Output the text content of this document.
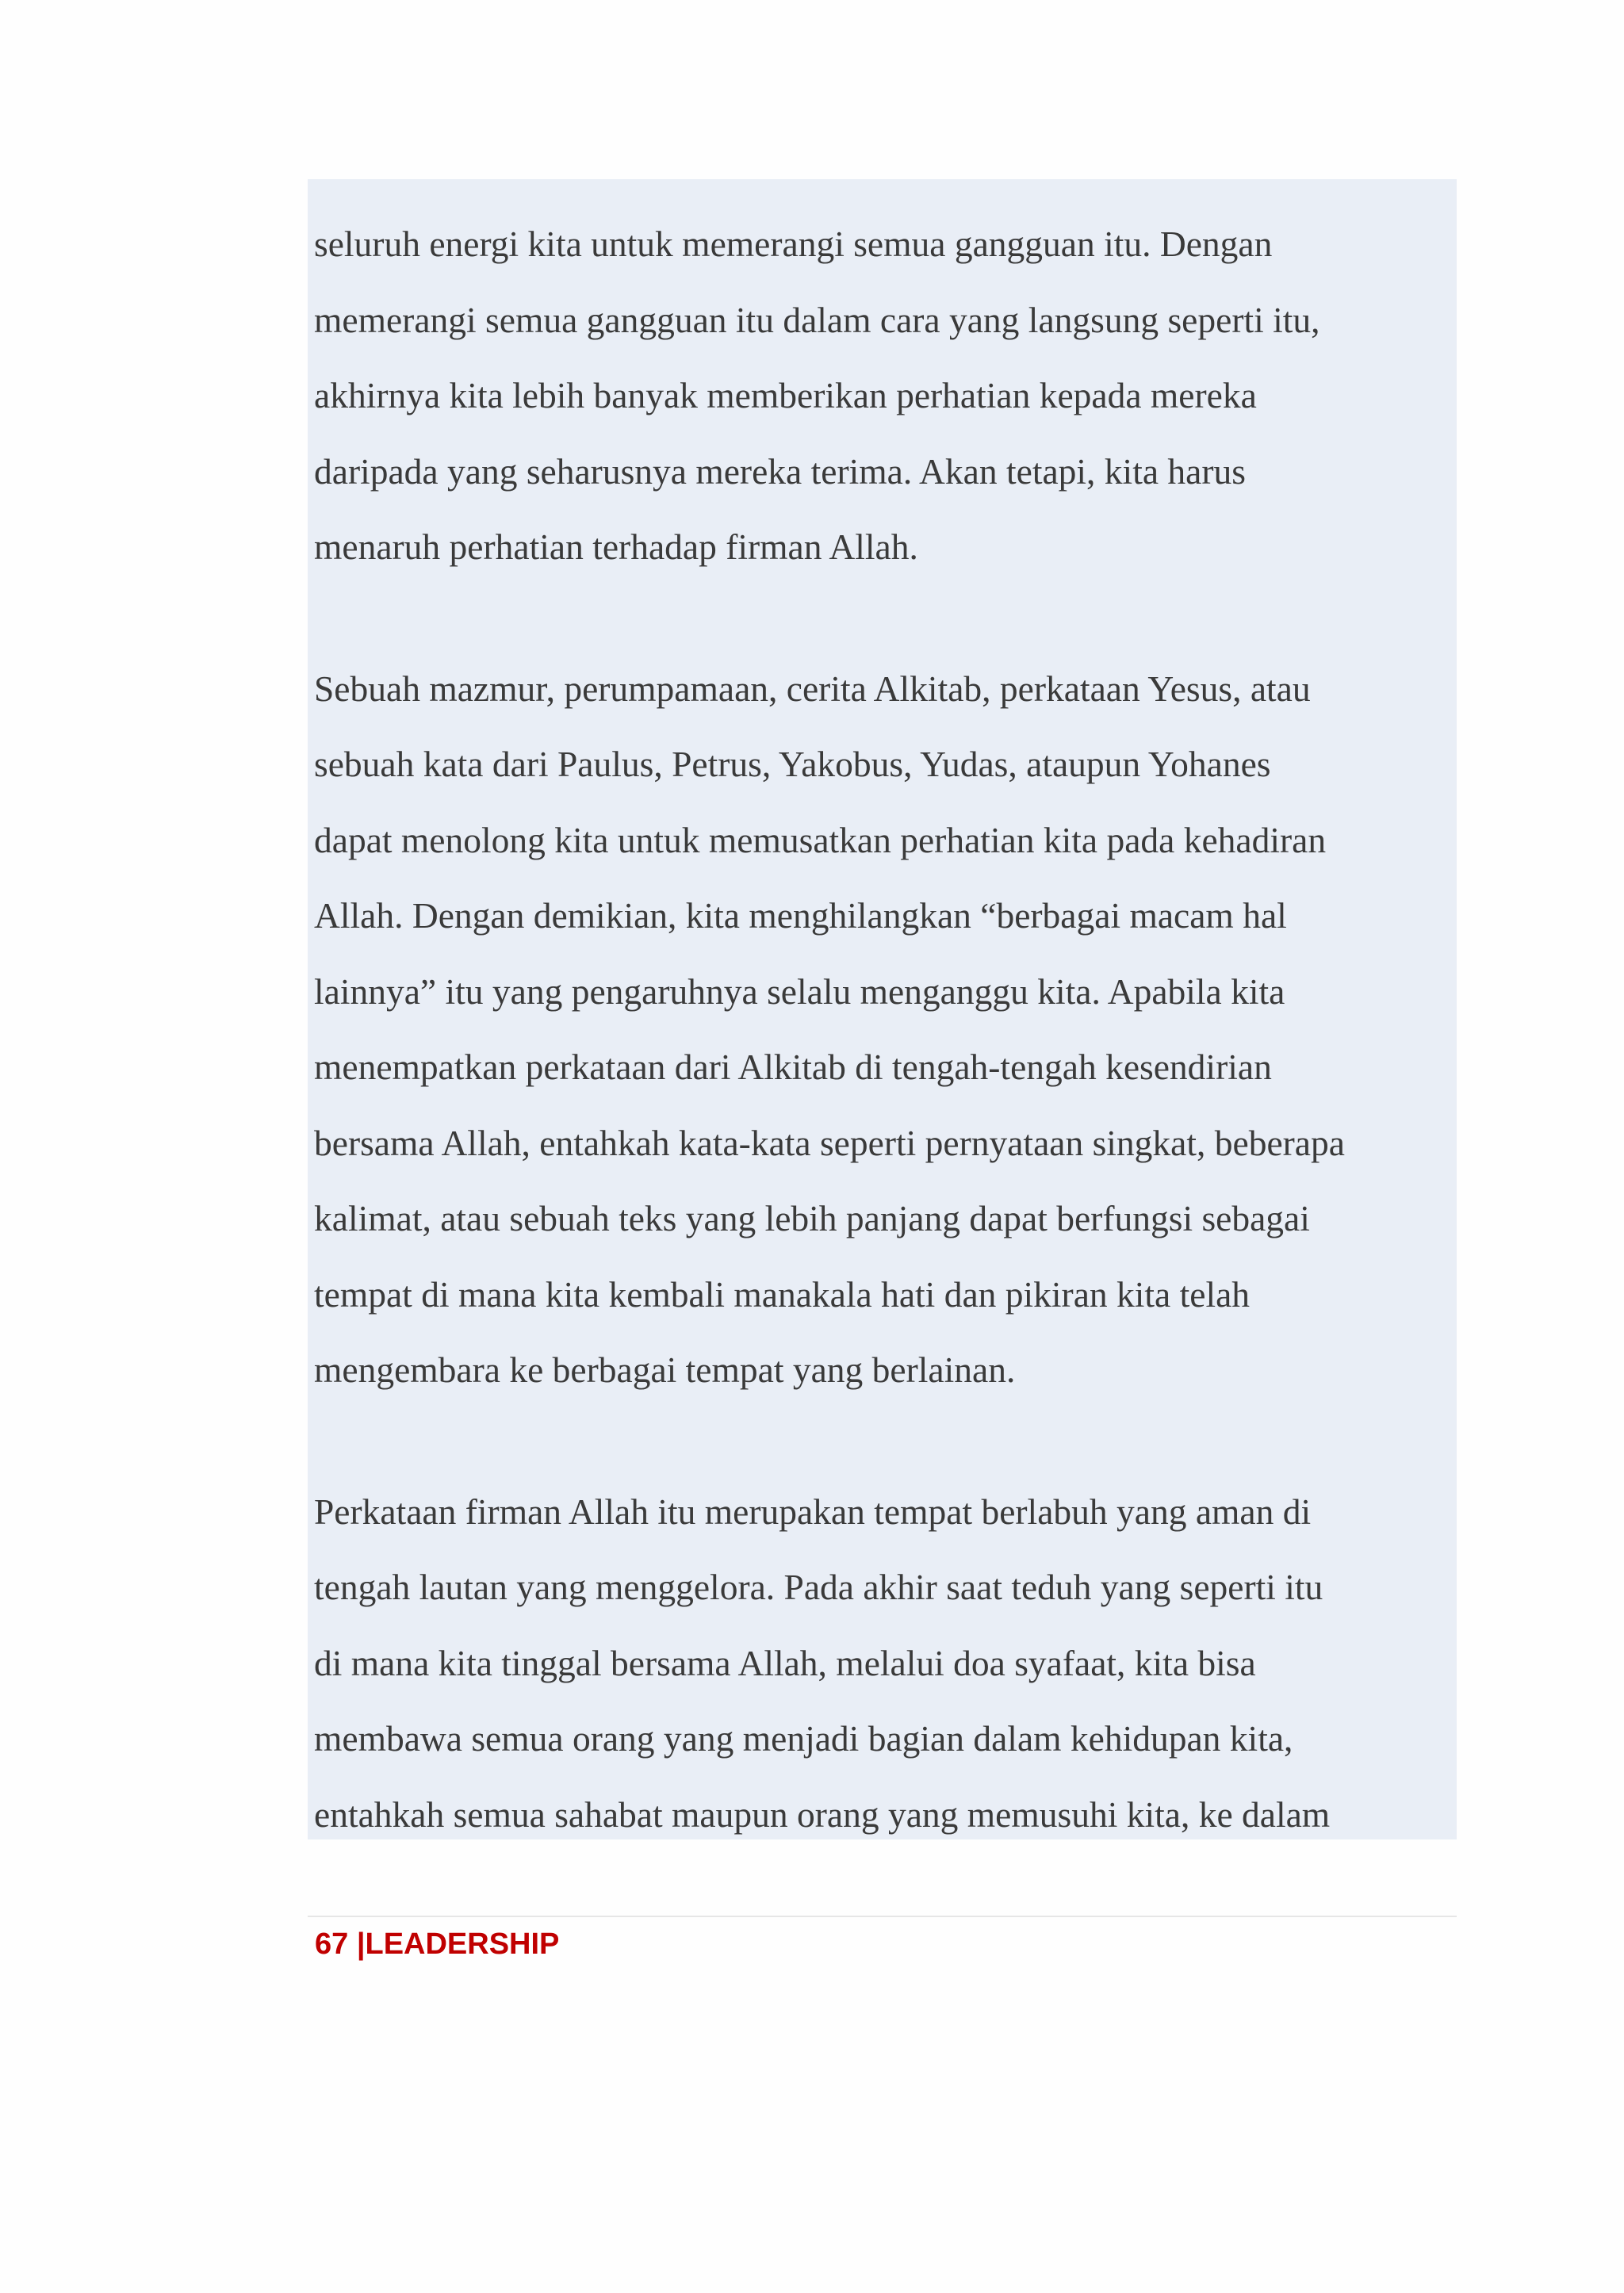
seluruh energi kita untuk memerangi semua gangguan itu. Dengan
memerangi semua gangguan itu dalam cara yang langsung seperti itu,
akhirnya kita lebih banyak memberikan perhatian kepada mereka
daripada yang seharusnya mereka terima. Akan tetapi, kita harus
menaruh perhatian terhadap firman Allah.
Sebuah mazmur, perumpamaan, cerita Alkitab, perkataan Yesus, atau
sebuah kata dari Paulus, Petrus, Yakobus, Yudas, ataupun Yohanes
dapat menolong kita untuk memusatkan perhatian kita pada kehadiran
Allah. Dengan demikian, kita menghilangkan “berbagai macam hal
lainnya” itu yang pengaruhnya selalu menganggu kita. Apabila kita
menempatkan perkataan dari Alkitab di tengah-tengah kesendirian
bersama Allah, entahkah kata-kata seperti pernyataan singkat, beberapa
kalimat, atau sebuah teks yang lebih panjang dapat berfungsi sebagai
tempat di mana kita kembali manakala hati dan pikiran kita telah
mengembara ke berbagai tempat yang berlainan.
Perkataan firman Allah itu merupakan tempat berlabuh yang aman di
tengah lautan yang menggelora. Pada akhir saat teduh yang seperti itu
di mana kita tinggal bersama Allah, melalui doa syafaat, kita bisa
membawa semua orang yang menjadi bagian dalam kehidupan kita,
entahkah semua sahabat maupun orang yang memusuhi kita, ke dalam
67 |LEADERSHIP
